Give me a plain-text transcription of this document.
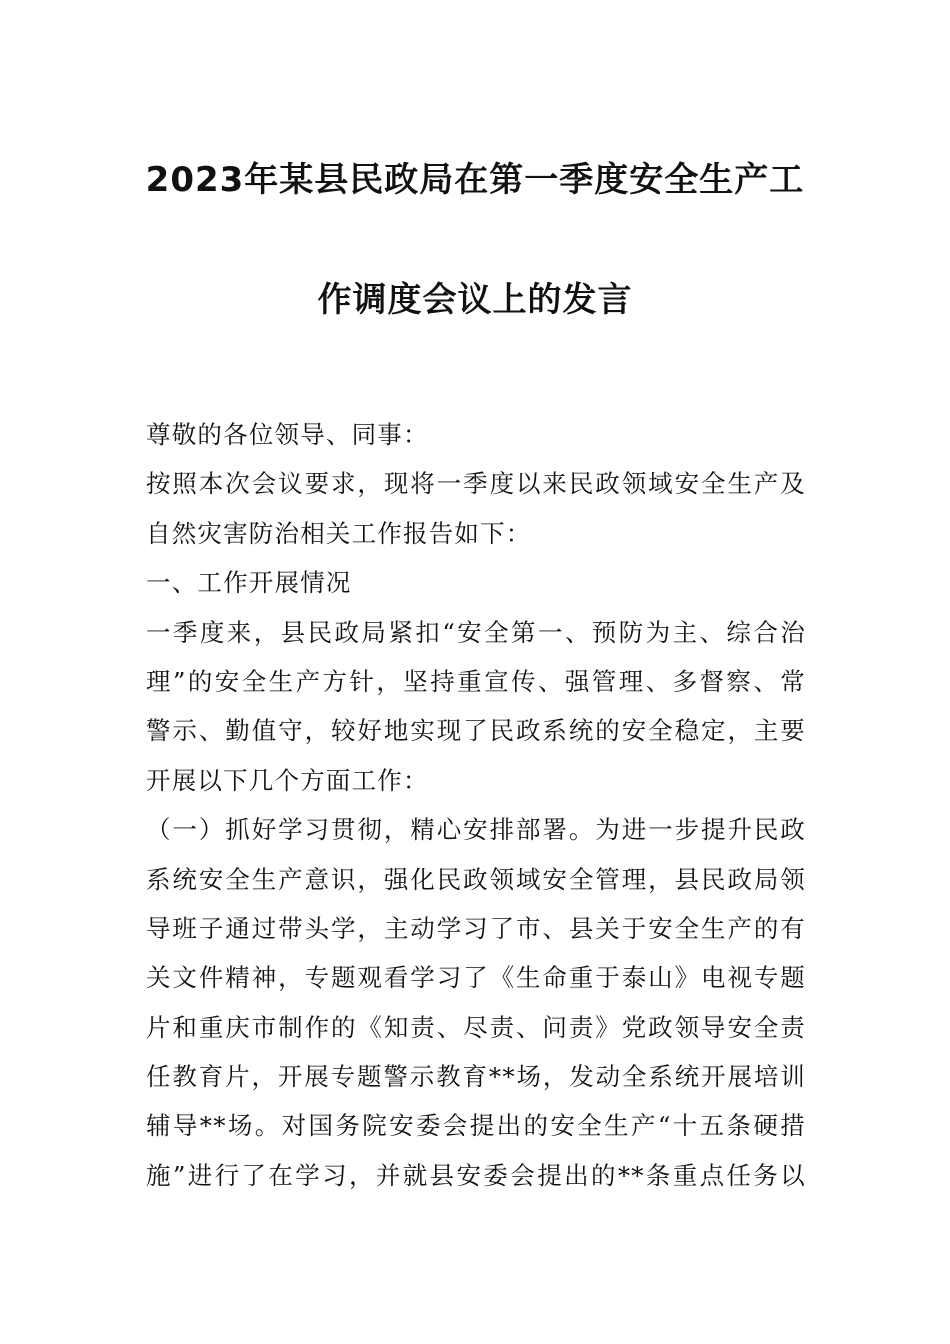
2023年某县民政局在第一季度安全生产工
作调度会议上的发言
尊敬的各位领导、同事：
按照本次会议要求，现将一季度以来民政领域安全生产及
自然灾害防治相关工作报告如下：
一、工作开展情况
一季度来，县民政局紧扣“安全第一、预防为主、综合治
理”的安全生产方针，坚持重宣传、强管理、多督察、常
警示、勤值守，较好地实现了民政系统的安全稳定，主要
开展以下几个方面工作：
（一）抓好学习贯彻，精心安排部署。为进一步提升民政
系统安全生产意识，强化民政领域安全管理，县民政局领
导班子通过带头学，主动学习了市、县关于安全生产的有
关文件精神，专题观看学习了《生命重于泰山》电视专题
片和重庆市制作的《知责、尽责、问责》党政领导安全责
任教育片，开展专题警示教育**场，发动全系统开展培训
辅导**场。对国务院安委会提出的安全生产“十五条硬措
施”进行了在学习，并就县安委会提出的**条重点任务以
